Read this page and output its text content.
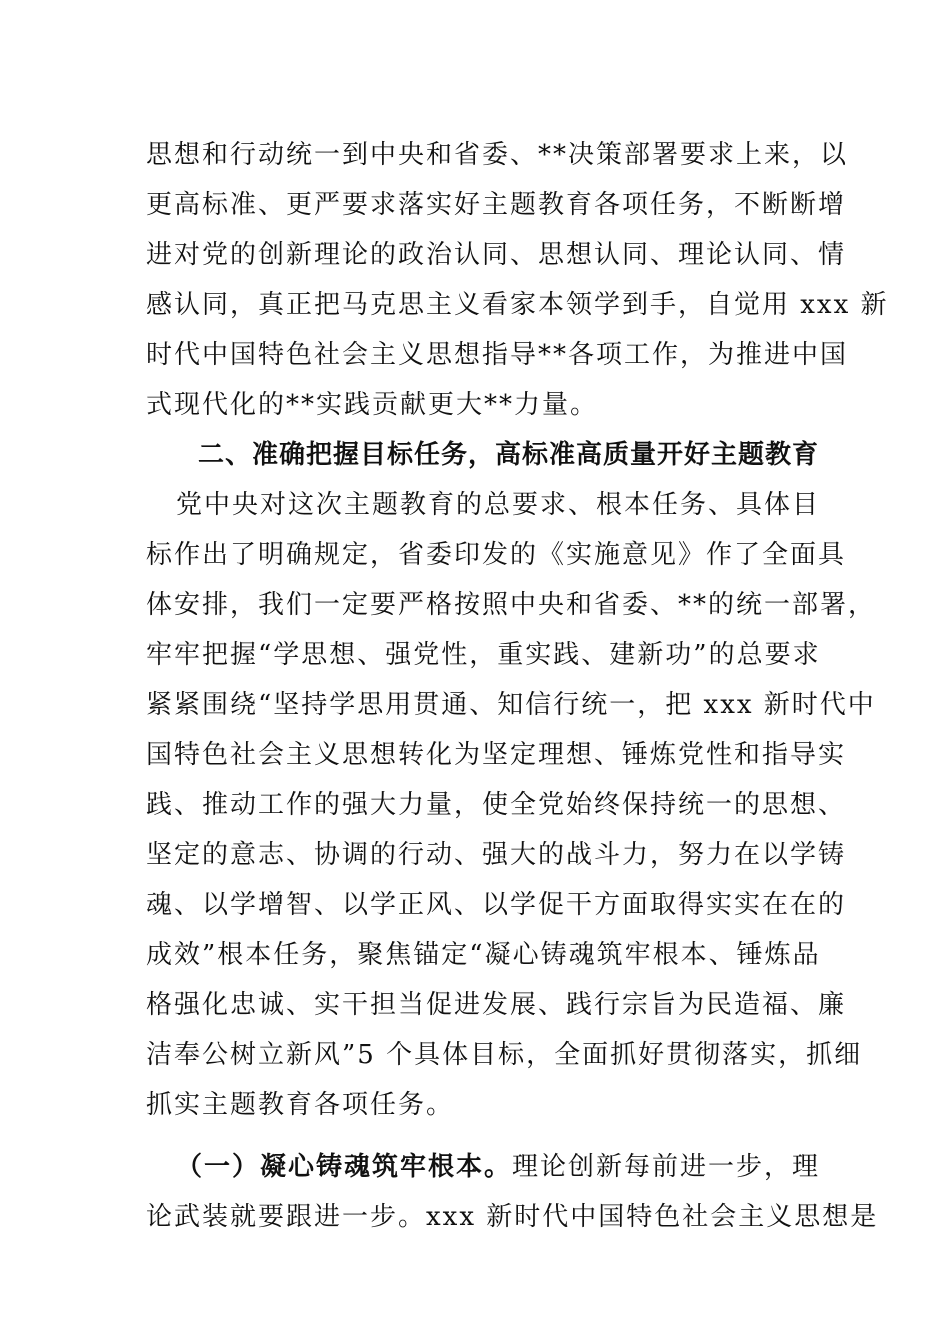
思想和行动统一到中央和省委、**决策部署要求上来，以
更高标准、更严要求落实好主题教育各项任务，不断断增
进对党的创新理论的政治认同、思想认同、理论认同、情
感认同，真正把马克思主义看家本领学到手，自觉用 xxx 新
时代中国特色社会主义思想指导**各项工作，为推进中国
式现代化的**实践贡献更大**力量。
二、准确把握目标任务，高标准高质量开好主题教育
党中央对这次主题教育的总要求、根本任务、具体目
标作出了明确规定，省委印发的《实施意见》作了全面具
体安排，我们一定要严格按照中央和省委、**的统一部署，
牢牢把握“学思想、强党性，重实践、建新功”的总要求
紧紧围绕“坚持学思用贯通、知信行统一，把 xxx 新时代中
国特色社会主义思想转化为坚定理想、锤炼党性和指导实
践、推动工作的强大力量，使全党始终保持统一的思想、
坚定的意志、协调的行动、强大的战斗力，努力在以学铸
魂、以学增智、以学正风、以学促干方面取得实实在在的
成效”根本任务，聚焦锚定“凝心铸魂筑牢根本、锤炼品
格强化忠诚、实干担当促进发展、践行宗旨为民造福、廉
洁奉公树立新风”5 个具体目标，全面抓好贯彻落实，抓细
抓实主题教育各项任务。
（一）凝心铸魂筑牢根本。理论创新每前进一步，理
论武装就要跟进一步。xxx 新时代中国特色社会主义思想是
